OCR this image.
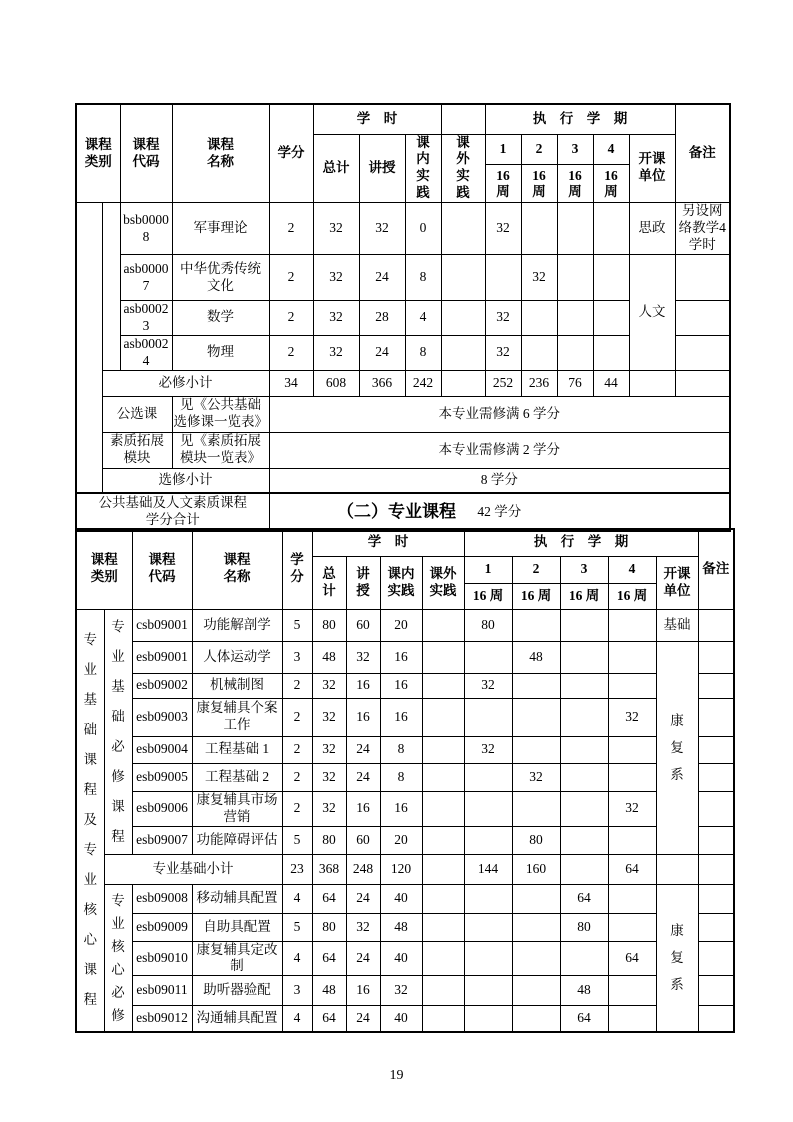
课程类别		课程代码	课程名称	学分	学　时				执　行　学　期					备注
					总计	讲授	课内实践	课外实践	1	2	3	4	开课单位	

									16周	16周	16周	16周		

		bsb00008	军事理论	2	32	32	0		32				思政	另设网络教学4学时
		asb00007	中华优秀传统文化	2	32	24	8			32			人文	
		asb00023	数学	2	32	28	4		32					
		asb00024	物理	2	32	24	8		32					
	必修小计			34	608	366	242		252	236	76	44		
	公选课		见《公共基础选修课一览表》	本专业需修满 6 学分										
	素质拓展模块		见《素质拓展模块一览表》	本专业需修满 2 学分										
	选修小计			8 学分										

公共基础及人文素质课程学分合计				42 学分										
（二）专业课程
课程类别		课程代码	课程名称	学分	学　时				执　行　学　期					备注

					总计	讲授	课内实践	课外实践	1	2	3	4	开课单位	

									16 周	16 周	16 周	16 周		

专业基础课程及专业核心课程	专业基础必修课程	csb09001	功能解剖学	5	80	60	20		80				基础	
		esb09001	人体运动学	3	48	32	16			48			康复系	

		esb09002	机械制图	2	32	16	16		32					
		esb09003	康复辅具个案工作	2	32	16	16					32		
		esb09004	工程基础 1	2	32	24	8		32					
		esb09005	工程基础 2	2	32	24	8			32				
		esb09006	康复辅具市场营销	2	32	16	16					32		
		esb09007	功能障碍评估	5	80	60	20			80				
	专业基础小计			23	368	248	120		144	160		64		

	专业核心必修	esb09008	移动辅具配置	4	64	24	40				64		康复系	

		esb09009	自助具配置	5	80	32	48				80			
		esb09010	康复辅具定改制	4	64	24	40					64		
		esb09011	助听器验配	3	48	16	32				48			
		esb09012	沟通辅具配置	4	64	24	40				64			
19
